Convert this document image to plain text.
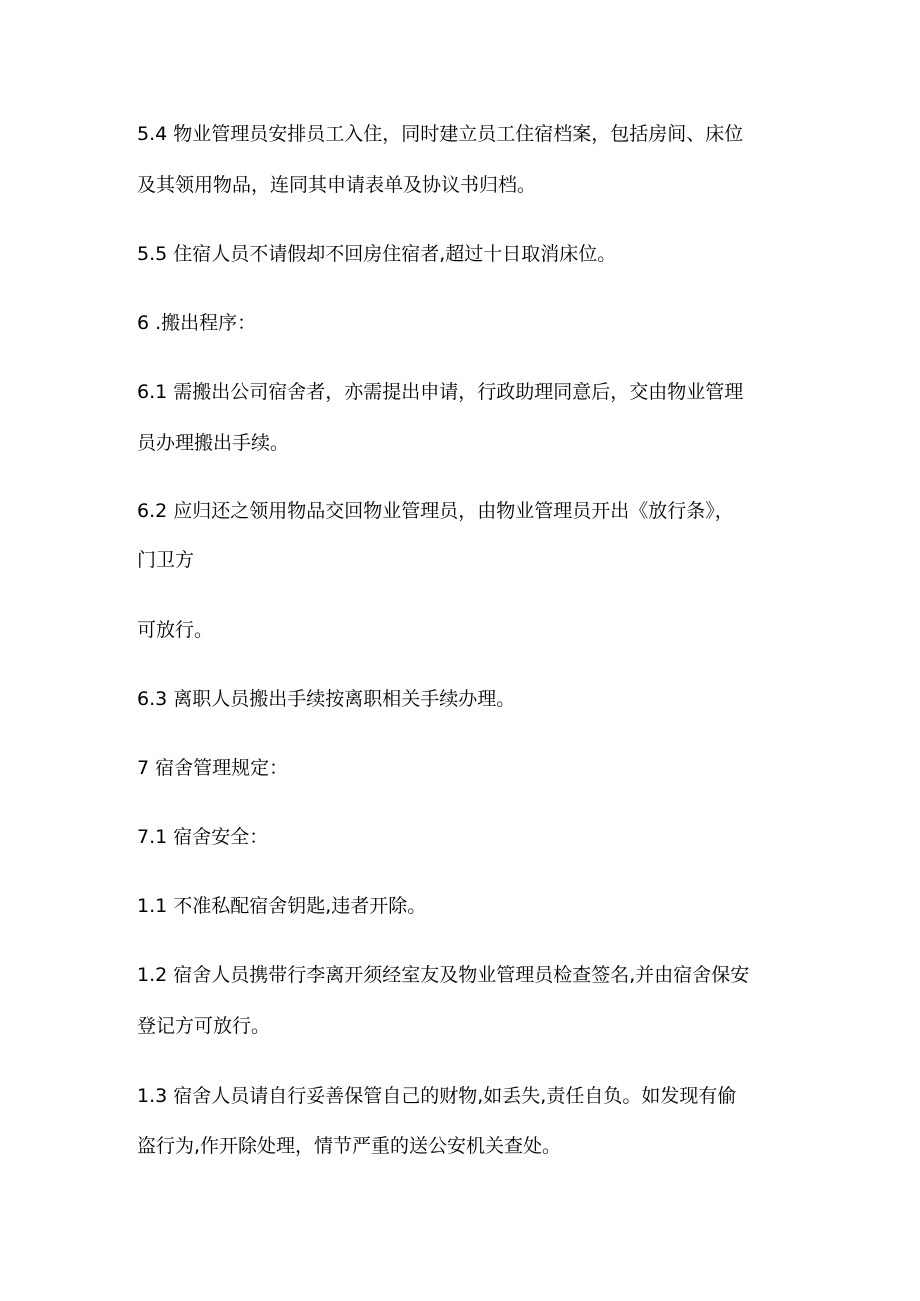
5.4 物业管理员安排员工入住，同时建立员工住宿档案，包括房间、床位
及其领用物品，连同其申请表单及协议书归档。
5.5 住宿人员不请假却不回房住宿者,超过十日取消床位。
6 .搬出程序：
6.1 需搬出公司宿舍者，亦需提出申请，行政助理同意后，交由物业管理
员办理搬出手续。
6.2 应归还之领用物品交回物业管理员，由物业管理员开出《放行条》，
门卫方
可放行。
6.3 离职人员搬出手续按离职相关手续办理。
7 宿舍管理规定：
7.1 宿舍安全：
1.1 不准私配宿舍钥匙,违者开除。
1.2 宿舍人员携带行李离开须经室友及物业管理员检查签名,并由宿舍保安
登记方可放行。
1.3 宿舍人员请自行妥善保管自己的财物,如丢失,责任自负。如发现有偷
盗行为,作开除处理，情节严重的送公安机关查处。
